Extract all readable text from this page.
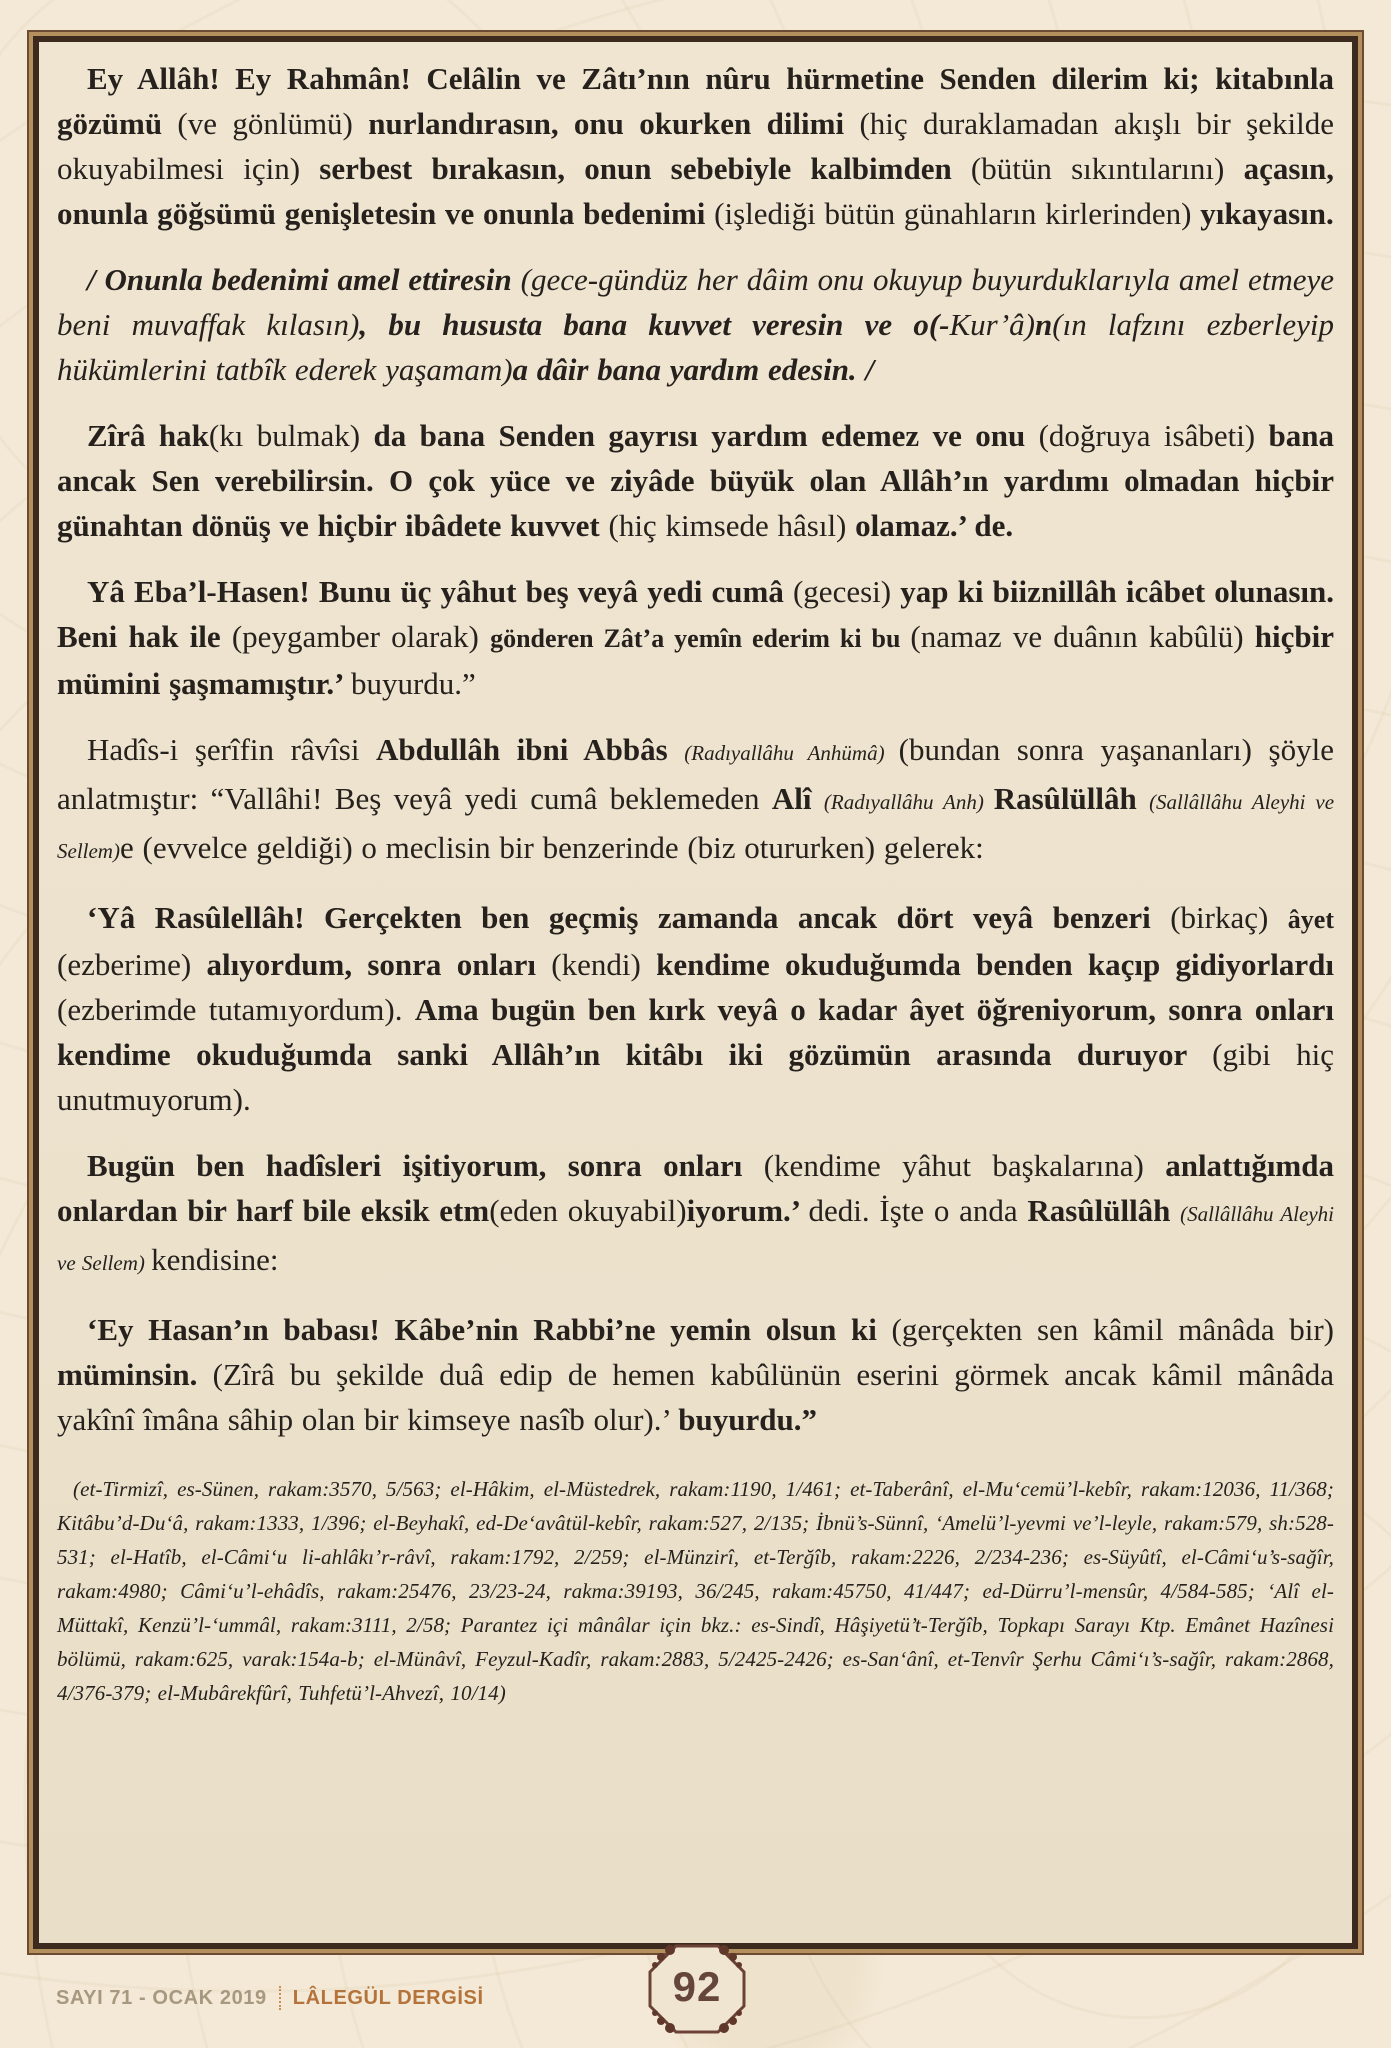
Ey Allâh! Ey Rahmân! Celâlin ve Zâtı’nın nûru hürmetine Senden dilerim ki; kitabınla gözümü (ve gönlümü) nurlandırasın, onu okurken dilimi (hiç duraklamadan akışlı bir şekilde okuyabilmesi için) serbest bırakasın, onun sebebiyle kalbimden (bütün sıkıntılarını) açasın, onunla göğsümü genişletesin ve onunla bedenimi (işlediği bütün günahların kirlerinden) yıkayasın.

/ Onunla bedenimi amel ettiresin (gece-gündüz her dâim onu okuyup buyurduklarıyla amel etmeye beni muvaffak kılasın), bu hususta bana kuvvet veresin ve o(-Kur’â)n(ın lafzını ezberleyip hükümlerini tatbîk ederek yaşamam)a dâir bana yardım edesin. /

Zîrâ hak(kı bulmak) da bana Senden gayrısı yardım edemez ve onu (doğruya isâbeti) bana ancak Sen verebilirsin. O çok yüce ve ziyâde büyük olan Allâh’ın yardımı olmadan hiçbir günahtan dönüş ve hiçbir ibâdete kuvvet (hiç kimsede hâsıl) olamaz.’ de.

Yâ Eba’l-Hasen! Bunu üç yâhut beş veyâ yedi cumâ (gecesi) yap ki biiznillâh icâbet olunasın. Beni hak ile (peygamber olarak) gönderen Zât’a yemîn ederim ki bu (namaz ve duânın kabûlü) hiçbir mümini şaşmamıştır.’ buyurdu.”

Hadîs-i şerîfin râvîsi Abdullâh ibni Abbâs (Radıyallâhu Anhümâ) (bundan sonra yaşananları) şöyle anlatmıştır: “Vallâhi! Beş veyâ yedi cumâ beklemeden Alî (Radıyallâhu Anh) Rasûlüllâh (Sallâllâhu Aleyhi ve Sellem)e (evvelce geldiği) o meclisin bir benzerinde (biz otururken) gelerek:

‘Yâ Rasûlellâh! Gerçekten ben geçmiş zamanda ancak dört veyâ benzeri (birkaç) âyet (ezberime) alıyordum, sonra onları (kendi) kendime okuduğumda benden kaçıp gidiyorlardı (ezberimde tutamıyordum). Ama bugün ben kırk veyâ o kadar âyet öğreniyorum, sonra onları kendime okuduğumda sanki Allâh’ın kitâbı iki gözümün arasında duruyor (gibi hiç unutmuyorum).

Bugün ben hadîsleri işitiyorum, sonra onları (kendime yâhut başkalarına) anlattığımda onlardan bir harf bile eksik etm(eden okuyabil)iyorum.’ dedi. İşte o anda Rasûlüllâh (Sallâllâhu Aleyhi ve Sellem) kendisine:

‘Ey Hasan’ın babası! Kâbe’nin Rabbi’ne yemin olsun ki (gerçekten sen kâmil mânâda bir) müminsin. (Zîrâ bu şekilde duâ edip de hemen kabûlünün eserini görmek ancak kâmil mânâda yakînî îmâna sâhip olan bir kimseye nasîb olur).’ buyurdu.”

(et-Tirmizî, es-Sünen, rakam:3570, 5/563; el-Hâkim, el-Müstedrek, rakam:1190, 1/461; et-Taberânî, el-Mu‘cemü’l-kebîr, rakam:12036, 11/368; Kitâbu’d-Du‘â, rakam:1333, 1/396; el-Beyhakî, ed-De‘avâtül-kebîr, rakam:527, 2/135; İbnü’s-Sünnî, ‘Amelü’l-yevmi ve’l-leyle, rakam:579, sh:528-531; el-Hatîb, el-Câmi‘u li-ahlâkı’r-râvî, rakam:1792, 2/259; el-Münzirî, et-Terğîb, rakam:2226, 2/234-236; es-Süyûtî, el-Câmi‘u’s-sağîr, rakam:4980; Câmi‘u’l-ehâdîs, rakam:25476, 23/23-24, rakma:39193, 36/245, rakam:45750, 41/447; ed-Dürru’l-mensûr, 4/584-585; ‘Alî el-Müttakî, Kenzü’l-‘ummâl, rakam:3111, 2/58; Parantez içi mânâlar için bkz.: es-Sindî, Hâşiyetü’t-Terğîb, Topkapı Sarayı Ktp. Emânet Hazînesi bölümü, rakam:625, varak:154a-b; el-Münâvî, Feyzul-Kadîr, rakam:2883, 5/2425-2426; es-San‘ânî, et-Tenvîr Şerhu Câmi‘ı’s-sağîr, rakam:2868, 4/376-379; el-Mubârekfûrî, Tuhfetü’l-Ahvezî, 10/14)

SAYI 71 - OCAK 2019 LÂLEGÜL DERGİSİ	92
